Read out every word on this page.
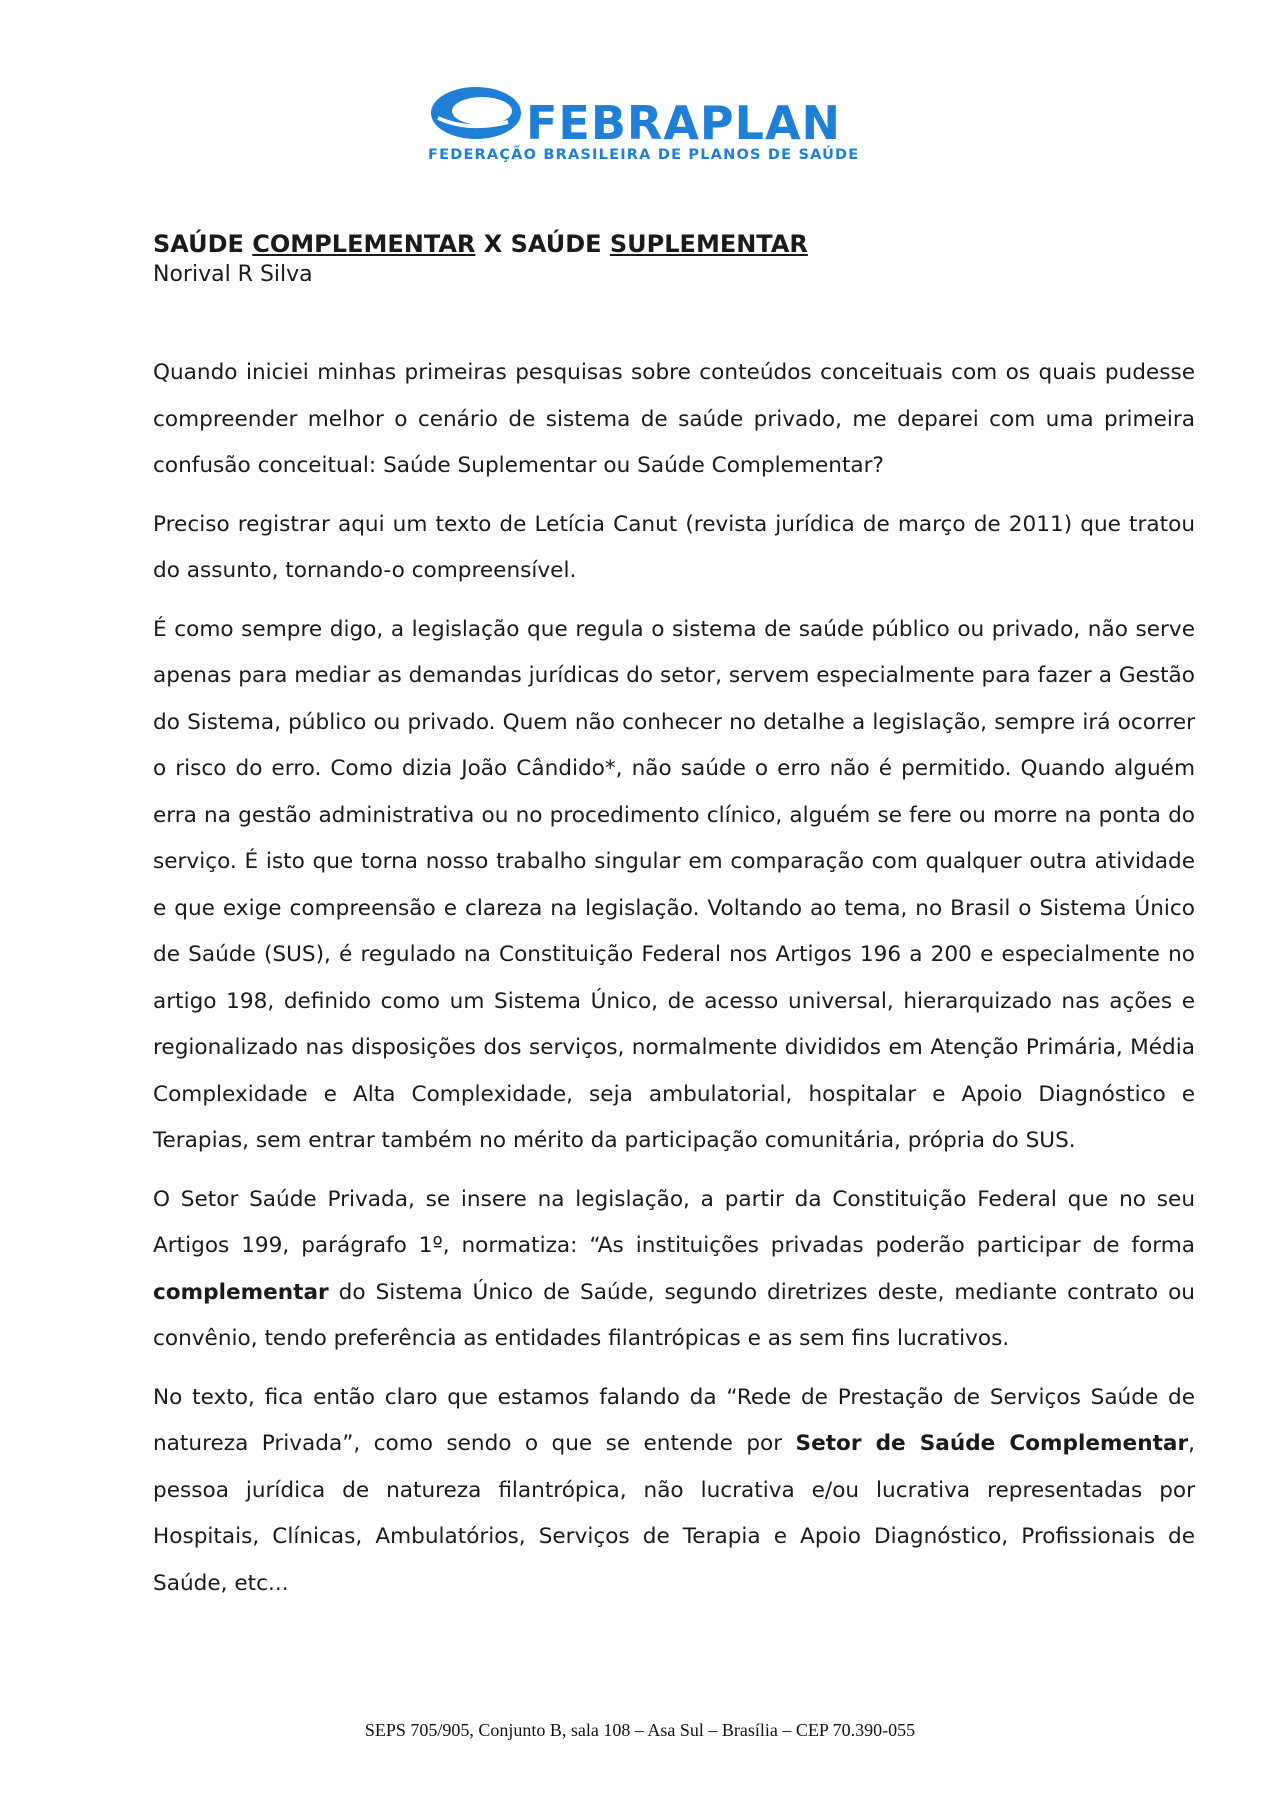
FEBRAPLAN
FEDERAÇÃO BRASILEIRA DE PLANOS DE SAÚDE
SAÚDE COMPLEMENTAR X SAÚDE SUPLEMENTAR
Norival R Silva

Quando iniciei minhas primeiras pesquisas sobre conteúdos conceituais com os quais pudesse compreender melhor o cenário de sistema de saúde privado, me deparei com uma primeira confusão conceitual: Saúde Suplementar ou Saúde Complementar?

Preciso registrar aqui um texto de Letícia Canut (revista jurídica de março de 2011) que tratou do assunto, tornando-o compreensível.

É como sempre digo, a legislação que regula o sistema de saúde público ou privado, não serve apenas para mediar as demandas jurídicas do setor, servem especialmente para fazer a Gestão do Sistema, público ou privado. Quem não conhecer no detalhe a legislação, sempre irá ocorrer o risco do erro. Como dizia João Cândido*, não saúde o erro não é permitido. Quando alguém erra na gestão administrativa ou no procedimento clínico, alguém se fere ou morre na ponta do serviço. É isto que torna nosso trabalho singular em comparação com qualquer outra atividade e que exige compreensão e clareza na legislação. Voltando ao tema, no Brasil o Sistema Único de Saúde (SUS), é regulado na Constituição Federal nos Artigos 196 a 200 e especialmente no artigo 198, definido como um Sistema Único, de acesso universal, hierarquizado nas ações e regionalizado nas disposições dos serviços, normalmente divididos em Atenção Primária, Média Complexidade e Alta Complexidade, seja ambulatorial, hospitalar e Apoio Diagnóstico e Terapias, sem entrar também no mérito da participação comunitária, própria do SUS.

O Setor Saúde Privada, se insere na legislação, a partir da Constituição Federal que no seu Artigos 199, parágrafo 1º, normatiza: “As instituições privadas poderão participar de forma complementar do Sistema Único de Saúde, segundo diretrizes deste, mediante contrato ou convênio, tendo preferência as entidades filantrópicas e as sem fins lucrativos.

No texto, fica então claro que estamos falando da “Rede de Prestação de Serviços Saúde de natureza Privada”, como sendo o que se entende por Setor de Saúde Complementar, pessoa jurídica de natureza filantrópica, não lucrativa e/ou lucrativa representadas por Hospitais, Clínicas, Ambulatórios, Serviços de Terapia e Apoio Diagnóstico, Profissionais de Saúde, etc...

SEPS 705/905, Conjunto B, sala 108 – Asa Sul – Brasília – CEP 70.390-055
